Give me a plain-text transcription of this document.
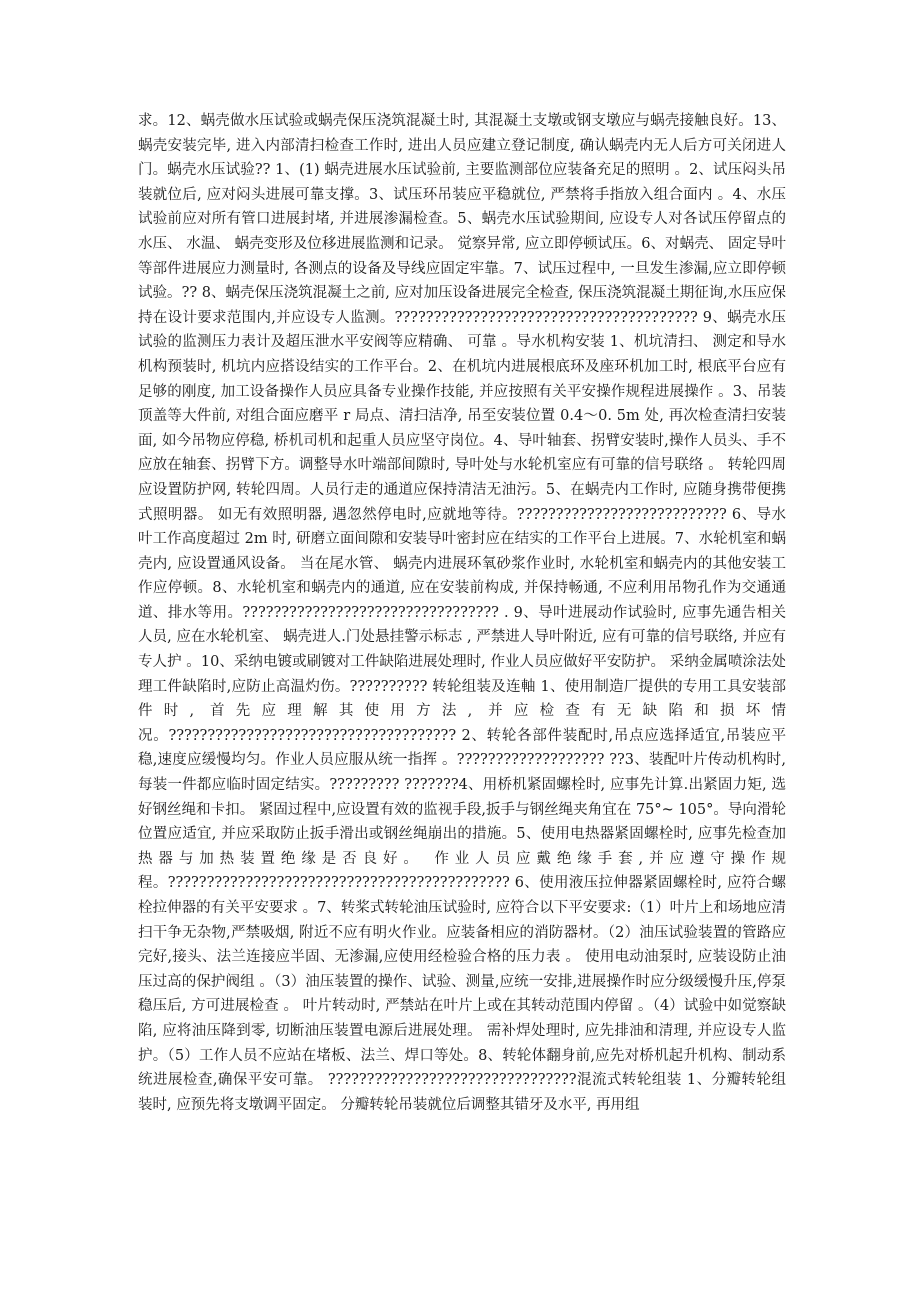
求。12、蜗壳做水压试验或蜗壳保压浇筑混凝土时, 其混凝土支墩或钢支墩应与蜗壳接触良好。13、蜗壳安装完毕, 进入内部清扫检查工作时, 进出人员应建立登记制度, 确认蜗壳内无人后方可关闭进人门。蜗壳水压试验?? 1、(1) 蜗壳进展水压试验前, 主要监测部位应装备充足的照明 。2、试压闷头吊装就位后, 应对闷头进展可靠支撑。3、试压环吊装应平稳就位, 严禁将手指放入组合面内 。4、水压试验前应对所有管口进展封堵, 并进展渗漏检查。5、蜗壳水压试验期间, 应设专人对各试压停留点的水压、 水温、 蜗壳变形及位移进展监测和记录。 觉察异常, 应立即停顿试压。6、对蜗壳、 固定导叶等部件进展应力测量时, 各测点的设备及导线应固定牢靠。7、试压过程中, 一旦发生渗漏,应立即停顿试验。?? 8、蜗壳保压浇筑混凝土之前, 应对加压设备进展完全检查, 保压浇筑混凝土期征询,水压应保持在设计要求范围内,并应设专人监测。??????????????????????????????????????? 9、蜗壳水压试验的监测压力表计及超压泄水平安阀等应精确、 可靠 。导水机构安装 1、机坑清扫、 测定和导水机构预装时, 机坑内应搭设结实的工作平台。2、在机坑内进展根底环及座环机加工时, 根底平台应有足够的刚度, 加工设备操作人员应具备专业操作技能, 并应按照有关平安操作规程进展操作 。3、吊装顶盖等大件前, 对组合面应磨平 r 局点、清扫洁净, 吊至安装位置 0.4～0. 5m 处, 再次检查清扫安装面, 如今吊物应停稳, 桥机司机和起重人员应坚守岗位。4、导叶轴套、拐臂安装时,操作人员头、手不应放在轴套、拐臂下方。调整导水叶端部间隙时, 导叶处与水轮机室应有可靠的信号联络 。 转轮四周应设置防护网, 转轮四周。人员行走的通道应保持清洁无油污。5、在蜗壳内工作时, 应随身携带便携式照明器。 如无有效照明器, 遇忽然停电时,应就地等待。??????????????????????????? 6、导水叶工作高度超过 2m 时, 研磨立面间隙和安装导叶密封应在结实的工作平台上进展。7、水轮机室和蜗壳内, 应设置通风设备。 当在尾水管、 蜗壳内进展环氧砂浆作业时, 水轮机室和蜗壳内的其他安装工作应停顿。8、水轮机室和蜗壳内的通道, 应在安装前构成, 并保持畅通, 不应利用吊物孔作为交通通道、排水等用。????????????????????????????????? . 9、导叶进展动作试验时, 应事先通告相关人员, 应在水轮机室、 蜗壳进人.门处悬挂警示标志 , 严禁进人导叶附近, 应有可靠的信号联络, 并应有专人护 。10、采纳电镀或刷镀对工件缺陷进展处理时, 作业人员应做好平安防护。 采纳金属喷涂法处理工件缺陷时,应防止高温灼伤。?????????? 转轮组装及连軸 1、使用制造厂提供的专用工具安装部件时, 首先应理解其使用方法, 并应检查有无缺陷和损坏情况。????????????????????????????????????? 2、转轮各部件装配时,吊点应选择适宜,吊装应平稳,速度应缓慢均匀。作业人员应服从统一指挥 。??????????????????? ??3、装配叶片传动机构时, 每装一件都应临时固定结实。????????? ???????4、用桥机紧固螺栓时, 应事先计算.出紧固力矩, 选好钢丝绳和卡扣。 紧固过程中,应设置有效的监视手段,扳手与钢丝绳夹角宜在 75°~ 105°。导向滑轮位置应适宜, 并应采取防止扳手滑出或钢丝绳崩出的措施。5、使用电热器紧固螺栓时, 应事先检查加热器与加热装置绝缘是否良好。 作业人员应戴绝缘手套,并应遵守操作规程。???????????????????????????????????????????? 6、使用液压拉伸器紧固螺栓时, 应符合螺栓拉伸器的有关平安要求 。7、转桨式转轮油压试验时, 应符合以下平安要求:（1）叶片上和场地应清扫干争无杂物,严禁吸烟, 附近不应有明火作业。应装备相应的消防器材。（2）油压试验装置的管路应完好,接头、法兰连接应半固、无渗漏,应使用经检验合格的压力表 。 使用电动油泵时, 应装设防止油压过高的保护阀组 。（3）油压装置的操作、试验、测量,应统一安排,进展操作时应分级缓慢升压,停泵稳压后, 方可进展检查 。 叶片转动时, 严禁站在叶片上或在其转动范围内停留 。（4）试验中如觉察缺陷, 应将油压降到零, 切断油压装置电源后进展处理。 需补焊处理时, 应先排油和清理, 并应设专人监护。（5）工作人员不应站在堵板、法兰、焊口等处。8、转轮体翻身前,应先对桥机起升机构、制动系统进展检查,确保平安可靠。 ????????????????????????????????混流式转轮组装 1、分瓣转轮组装时, 应预先将支墩调平固定。 分瓣转轮吊装就位后调整其错牙及水平, 再用组
